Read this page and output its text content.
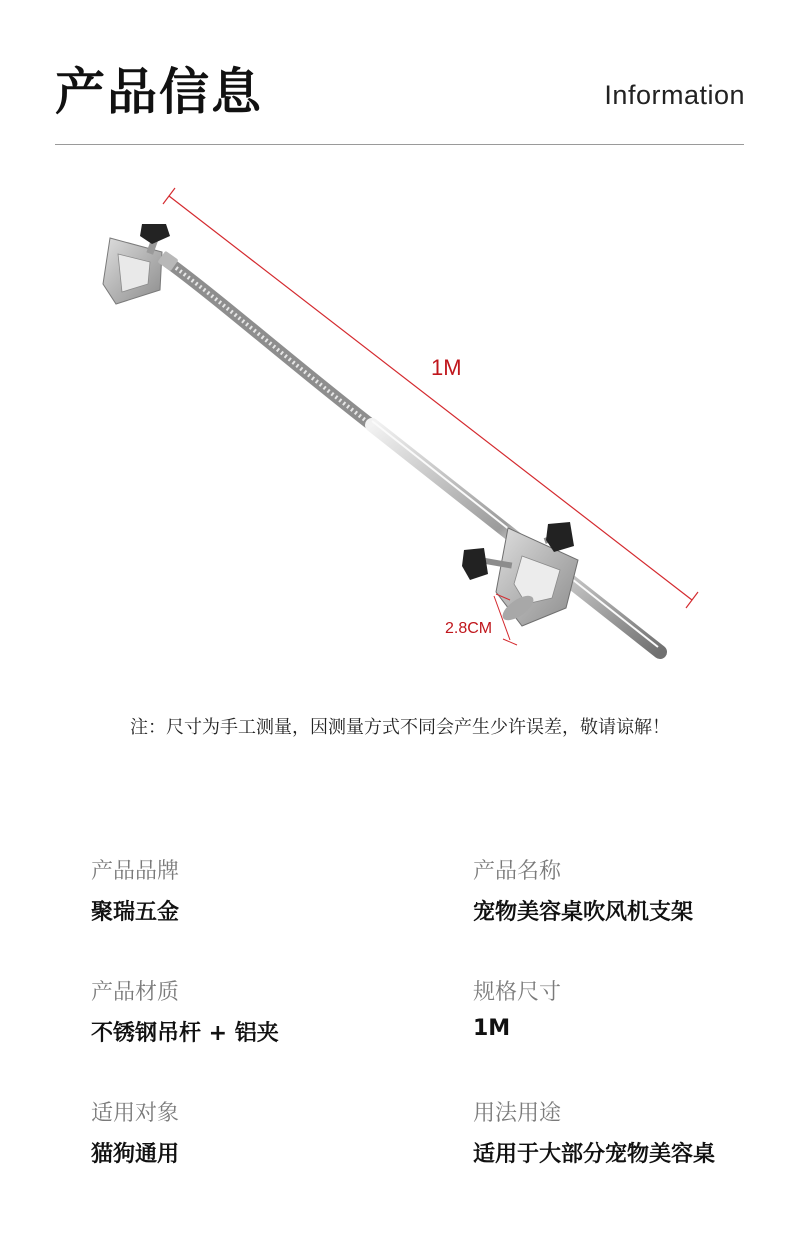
产品信息	Information
1M
2.8CM
注：尺寸为手工测量，因测量方式不同会产生少许误差，敬请谅解！
产品品牌
聚瑞五金
产品名称
宠物美容桌吹风机支架
产品材质
不锈钢吊杆 + 铝夹
规格尺寸
1M
适用对象
猫狗通用
用法用途
适用于大部分宠物美容桌
